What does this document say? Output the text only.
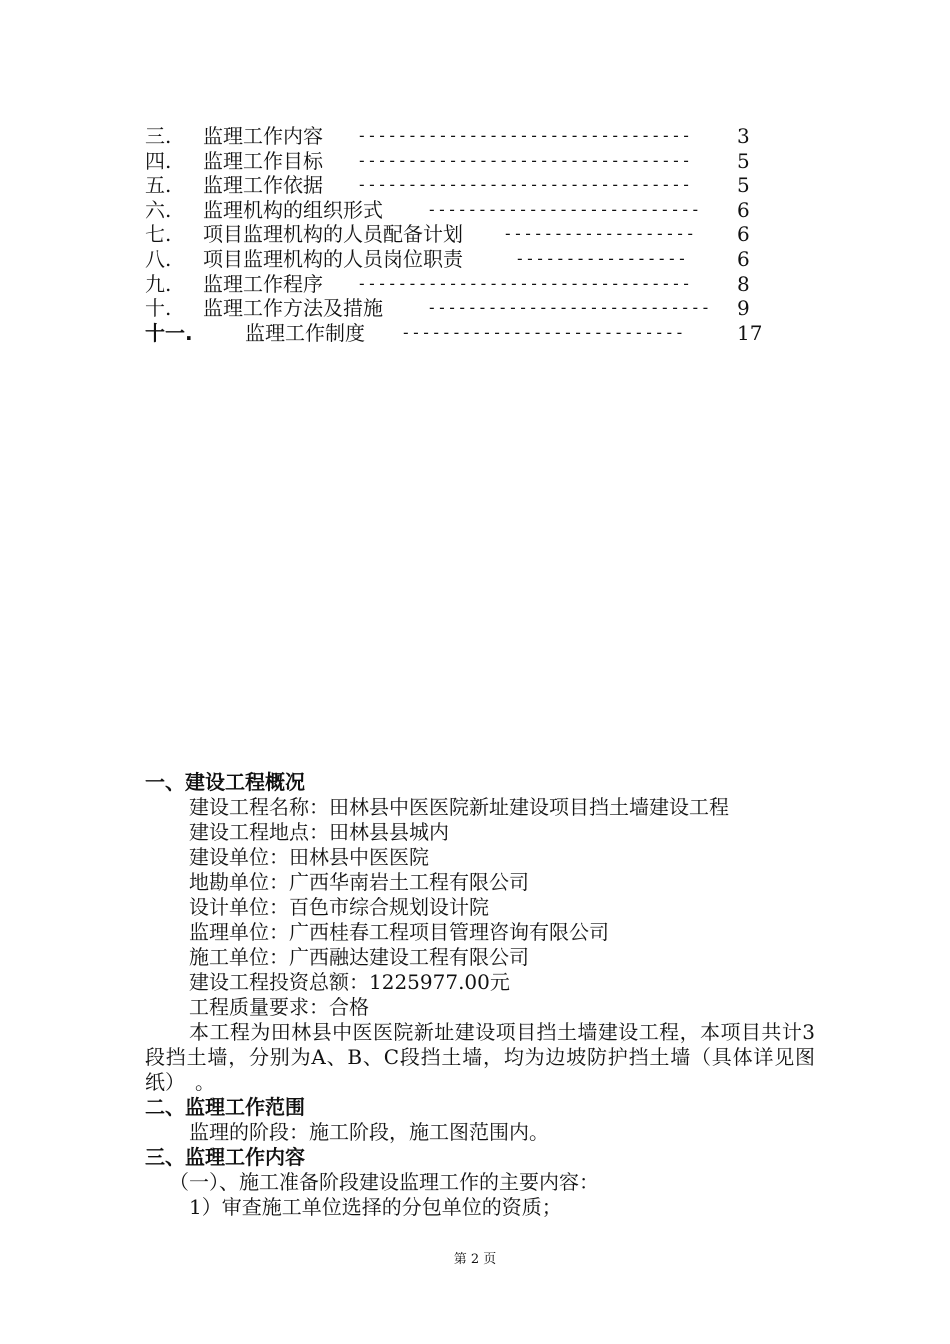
三. 监理工作内容 --------------------------------- 3
四. 监理工作目标 --------------------------------- 5
五. 监理工作依据 --------------------------------- 5
六. 监理机构的组织形式	--------------------------- 6
七. 项目监理机构的人员配备计划	------------------- 6
八. 项目监理机构的人员岗位职责	----------------- 6
九. 监理工作程序 --------------------------------- 8
十. 监理工作方法及措施	---------------------------- 9
十一.	监理工作制度 ----------------------------	17
一、建设工程概况
建设工程名称：田林县中医医院新址建设项目挡土墙建设工程
建设工程地点：田林县县城内
建设单位：田林县中医医院
地勘单位：广西华南岩土工程有限公司
设计单位：百色市综合规划设计院
监理单位：广西桂春工程项目管理咨询有限公司
施工单位：广西融达建设工程有限公司
建设工程投资总额：1225977.00元
工程质量要求：合格
本工程为田林县中医医院新址建设项目挡土墙建设工程，本项目共计3段挡土墙，分别为A、B、C段挡土墙，均为边坡防护挡土墙（具体详见图纸）　。
二、监理工作范围
监理的阶段：施工阶段，施工图范围内。
三、监理工作内容
（一）、施工准备阶段建设监理工作的主要内容：
1）审查施工单位选择的分包单位的资质；
第 2 页
